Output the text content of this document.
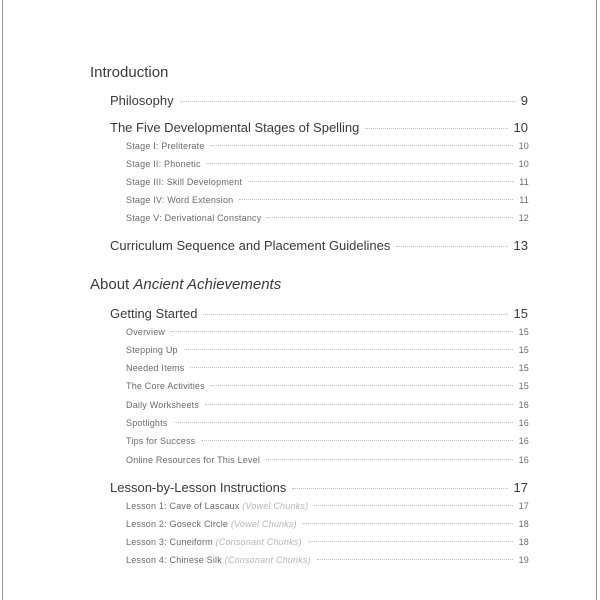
Introduction
Philosophy	9
The Five Developmental Stages of Spelling	10
Stage I: Preliterate	10
Stage II: Phonetic	10
Stage III: Skill Development	11
Stage IV: Word Extension	11
Stage V: Derivational Constancy	12
Curriculum Sequence and Placement Guidelines	13
About Ancient Achievements
Getting Started	15
Overview	15
Stepping Up	15
Needed Items	15
The Core Activities	15
Daily Worksheets	16
Spotlights	16
Tips for Success	16
Online Resources for This Level	16
Lesson-by-Lesson Instructions	17
Lesson 1: Cave of Lascaux (Vowel Chunks)	17
Lesson 2: Goseck Circle (Vowel Chunks)	18
Lesson 3: Cuneiform (Consonant Chunks)	18
Lesson 4: Chinese Silk (Consonant Chunks)	19
